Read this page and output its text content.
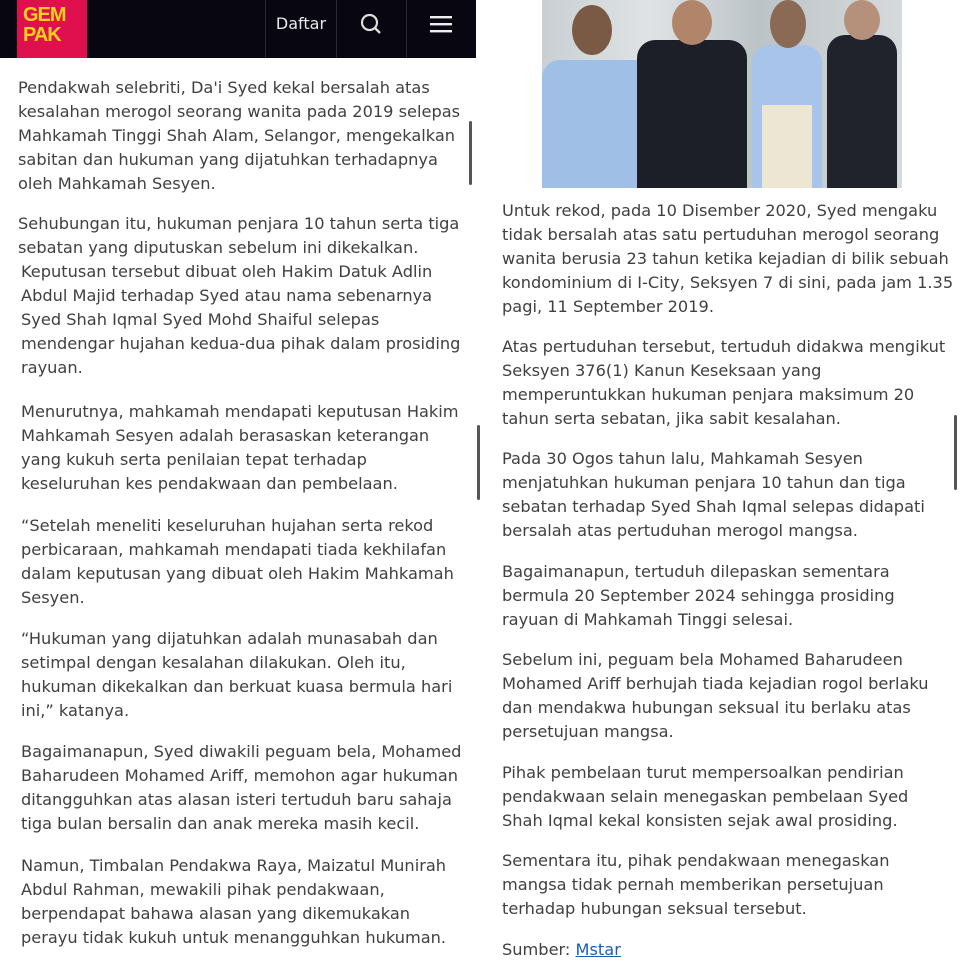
GEM
PAK
Daftar
Pendakwah selebriti, Da'i Syed kekal bersalah atas
kesalahan merogol seorang wanita pada 2019 selepas
Mahkamah Tinggi Shah Alam, Selangor, mengekalkan
sabitan dan hukuman yang dijatuhkan terhadapnya
oleh Mahkamah Sesyen.
Sehubungan itu, hukuman penjara 10 tahun serta tiga
sebatan yang diputuskan sebelum ini dikekalkan.
Keputusan tersebut dibuat oleh Hakim Datuk Adlin
Abdul Majid terhadap Syed atau nama sebenarnya
Syed Shah Iqmal Syed Mohd Shaiful selepas
mendengar hujahan kedua-dua pihak dalam prosiding
rayuan.
Menurutnya, mahkamah mendapati keputusan Hakim
Mahkamah Sesyen adalah berasaskan keterangan
yang kukuh serta penilaian tepat terhadap
keseluruhan kes pendakwaan dan pembelaan.
“Setelah meneliti keseluruhan hujahan serta rekod
perbicaraan, mahkamah mendapati tiada kekhilafan
dalam keputusan yang dibuat oleh Hakim Mahkamah
Sesyen.
“Hukuman yang dijatuhkan adalah munasabah dan
setimpal dengan kesalahan dilakukan. Oleh itu,
hukuman dikekalkan dan berkuat kuasa bermula hari
ini,” katanya.
Bagaimanapun, Syed diwakili peguam bela, Mohamed
Baharudeen Mohamed Ariff, memohon agar hukuman
ditangguhkan atas alasan isteri tertuduh baru sahaja
tiga bulan bersalin dan anak mereka masih kecil.
Namun, Timbalan Pendakwa Raya, Maizatul Munirah
Abdul Rahman, mewakili pihak pendakwaan,
berpendapat bahawa alasan yang dikemukakan
perayu tidak kukuh untuk menangguhkan hukuman.
Untuk rekod, pada 10 Disember 2020, Syed mengaku
tidak bersalah atas satu pertuduhan merogol seorang
wanita berusia 23 tahun ketika kejadian di bilik sebuah
kondominium di I-City, Seksyen 7 di sini, pada jam 1.35
pagi, 11 September 2019.
Atas pertuduhan tersebut, tertuduh didakwa mengikut
Seksyen 376(1) Kanun Keseksaan yang
memperuntukkan hukuman penjara maksimum 20
tahun serta sebatan, jika sabit kesalahan.
Pada 30 Ogos tahun lalu, Mahkamah Sesyen
menjatuhkan hukuman penjara 10 tahun dan tiga
sebatan terhadap Syed Shah Iqmal selepas didapati
bersalah atas pertuduhan merogol mangsa.
Bagaimanapun, tertuduh dilepaskan sementara
bermula 20 September 2024 sehingga prosiding
rayuan di Mahkamah Tinggi selesai.
Sebelum ini, peguam bela Mohamed Baharudeen
Mohamed Ariff berhujah tiada kejadian rogol berlaku
dan mendakwa hubungan seksual itu berlaku atas
persetujuan mangsa.
Pihak pembelaan turut mempersoalkan pendirian
pendakwaan selain menegaskan pembelaan Syed
Shah Iqmal kekal konsisten sejak awal prosiding.
Sementara itu, pihak pendakwaan menegaskan
mangsa tidak pernah memberikan persetujuan
terhadap hubungan seksual tersebut.
Sumber: Mstar
